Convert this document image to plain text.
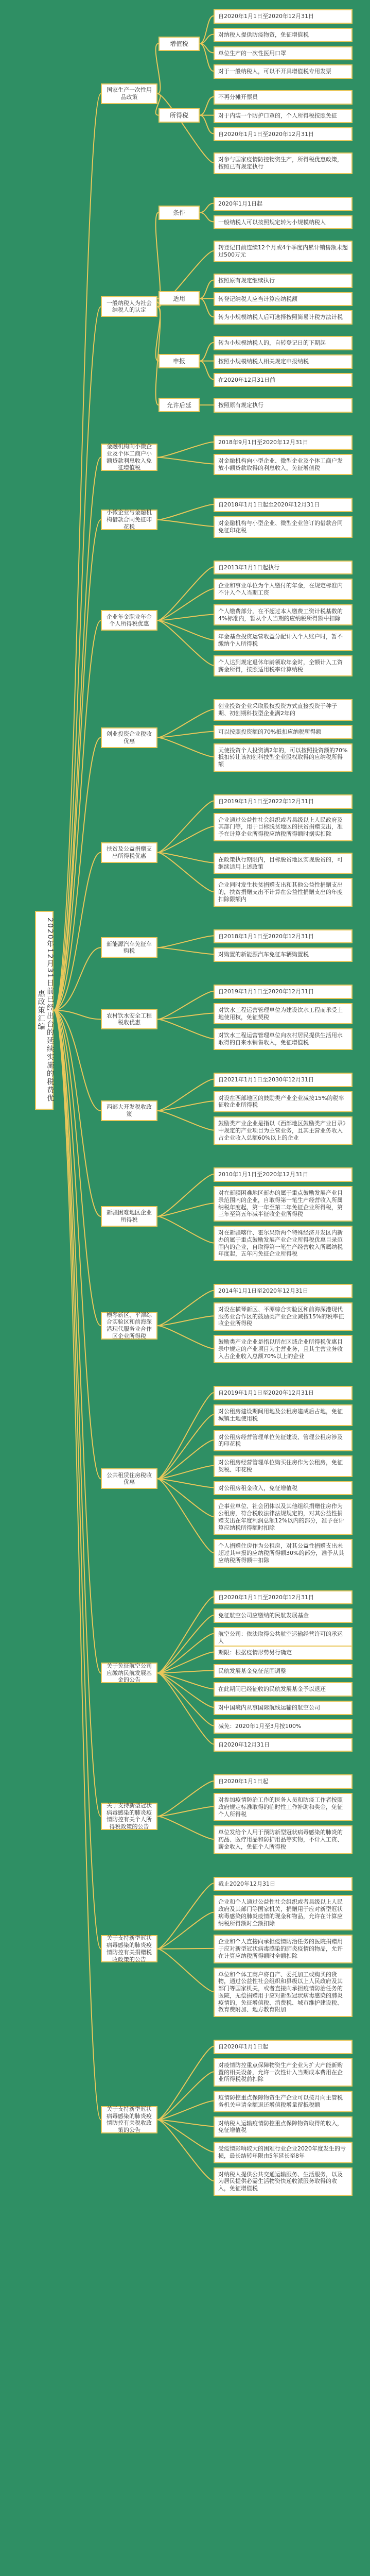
2020年12月31日前已经出台的延续实施的税费优惠政策汇编
自2020年1月1日至2020年12月31日
对纳税人提供防疫物资，免征增值税
单位生产的一次性医用口罩
对于一般纳税人，可以不开具增值税专用发票
增值税
不再分摊开票员
对于内装一个防护口罩的，个人所得税按照免征
自2020年1月1日至2020年12月31日
所得税
对参与国家疫情防控物资生产，所得税优惠政策，按照已有规定执行
国家生产一次性用品政策
2020年1月1日起
一般纳税人可以按照规定转为小规模纳税人
条件
转登记日前连续12个月或4个季度内累计销售额未超过500万元
按照原有规定继续执行
转登记纳税人应当计算应纳税额
转为小规模纳税人后可选择按照简易计税方法计税
适用
转为小规模纳税人的，自转登记日的下期起
按照小规模纳税人相关规定申报纳税
在2020年12月31日前
申报
按照原有规定执行
允许后延
一般纳税人为社会纳税人的认定
2018年9月1日至2020年12月31日
对金融机构向小型企业、微型企业及个体工商户发放小额贷款取得的利息收入，免征增值税
金融机构向小微企业及个体工商户小额贷款利息收入免征增值税
自2018年1月1日起至2020年12月31日
对金融机构与小型企业、微型企业签订的借款合同免征印花税
小微企业与金融机构借款合同免征印花税
自2013年1月1日起执行
企业和事业单位为个人缴付的年金，在规定标准内不计入个人当期工资
个人缴费部分，在不超过本人缴费工资计税基数的4%标准内，暂从个人当期的应纳税所得额中扣除
年金基金投资运营收益分配计入个人账户时，暂不缴纳个人所得税
个人达到规定退休年龄领取年金时，全额计入工资薪金所得，按照适用税率计算纳税
企业年金职业年金个人所得税优惠
创业投资企业采取股权投资方式直接投资于种子期、初创期科技型企业满2年的
可以按照投资额的70%抵扣应纳税所得额
天使投资个人投资满2年的，可以按照投资额的70%抵扣转让该初创科技型企业股权取得的应纳税所得额
创业投资企业税收优惠
自2019年1月1日至2022年12月31日
企业通过公益性社会组织或者县级以上人民政府及其部门等，用于目标脱贫地区的扶贫捐赠支出，准予在计算企业所得税应纳税所得额时据实扣除
在政策执行期限内，目标脱贫地区实现脱贫的，可继续适用上述政策
企业同时发生扶贫捐赠支出和其他公益性捐赠支出的，扶贫捐赠支出不计算在公益性捐赠支出的年度扣除限额内
扶贫及公益捐赠支出所得税优惠
自2018年1月1日至2020年12月31日
对购置的新能源汽车免征车辆购置税
新能源汽车免征车购税
自2019年1月1日至2020年12月31日
对饮水工程运营管理单位为建设饮水工程而承受土地使用权，免征契税
对饮水工程运营管理单位向农村居民提供生活用水取得的自来水销售收入，免征增值税
农村饮水安全工程税收优惠
自2021年1月1日至2030年12月31日
对设在西部地区的鼓励类产业企业减按15%的税率征收企业所得税
鼓励类产业企业是指以《西部地区鼓励类产业目录》中规定的产业项目为主营业务，且其主营业务收入占企业收入总额60%以上的企业
西部大开发税收政策
2010年1月1日至2020年12月31日
对在新疆困难地区新办的属于重点鼓励发展产业目录范围内的企业，自取得第一笔生产经营收入所属纳税年度起，第一年至第二年免征企业所得税，第三年至第五年减半征收企业所得税
对在新疆喀什、霍尔果斯两个特殊经济开发区内新办的属于重点鼓励发展产业企业所得税优惠目录范围内的企业，自取得第一笔生产经营收入所属纳税年度起，五年内免征企业所得税
新疆困难地区企业所得税
2014年1月1日至2020年12月31日
对设在横琴新区、平潭综合实验区和前海深港现代服务业合作区的鼓励类产业企业减按15%的税率征收企业所得税
鼓励类产业企业是指以所在区域企业所得税优惠目录中规定的产业项目为主营业务，且其主营业务收入占企业收入总额70%以上的企业
横琴新区、平潭综合实验区和前海深港现代服务业合作区企业所得税
自2019年1月1日至2020年12月31日
对公租房建设期间用地及公租房建成后占地，免征城镇土地使用税
对公租房经营管理单位免征建设、管理公租房涉及的印花税
对公租房经营管理单位购买住房作为公租房，免征契税、印花税
对公租房租金收入，免征增值税
企事业单位、社会团体以及其他组织捐赠住房作为公租房，符合税收法律法规规定的，对其公益性捐赠支出在年度利润总额12%以内的部分，准予在计算应纳税所得额时扣除
个人捐赠住房作为公租房，对其公益性捐赠支出未超过其申报的应纳税所得额30%的部分，准予从其应纳税所得额中扣除
公共租赁住房税收优惠
自2020年1月1日至2020年12月31日
免征航空公司应缴纳的民航发展基金
航空公司：依法取得公共航空运输经营许可的承运人
期限：根据疫情形势另行确定
民航发展基金免征范围调整
在此期间已经征收的民航发展基金予以退还
对中国境内从事国际航线运输的航空公司
减免：2020年1月至3月按100%
自2020年12月31日
关于免征航空公司应缴纳民航发展基金的公告
自2020年1月1日起
对参加疫情防治工作的医务人员和防疫工作者按照政府规定标准取得的临时性工作补助和奖金，免征个人所得税
单位发给个人用于预防新型冠状病毒感染的肺炎的药品、医疗用品和防护用品等实物，不计入工资、薪金收入，免征个人所得税
关于支持新型冠状病毒感染的肺炎疫情防控有关个人所得税政策的公告
截止2020年12月31日
企业和个人通过公益性社会组织或者县级以上人民政府及其部门等国家机关，捐赠用于应对新型冠状病毒感染的肺炎疫情的现金和物品，允许在计算应纳税所得额时全额扣除
企业和个人直接向承担疫情防治任务的医院捐赠用于应对新型冠状病毒感染的肺炎疫情的物品，允许在计算应纳税所得额时全额扣除
单位和个体工商户将自产、委托加工或购买的货物，通过公益性社会组织和县级以上人民政府及其部门等国家机关，或者直接向承担疫情防治任务的医院，无偿捐赠用于应对新型冠状病毒感染的肺炎疫情的，免征增值税、消费税、城市维护建设税、教育费附加、地方教育附加
关于支持新型冠状病毒感染的肺炎疫情防控有关捐赠税收政策的公告
自2020年1月1日起
对疫情防控重点保障物资生产企业为扩大产能新购置的相关设备，允许一次性计入当期成本费用在企业所得税税前扣除
疫情防控重点保障物资生产企业可以按月向主管税务机关申请全额退还增值税增量留抵税额
对纳税人运输疫情防控重点保障物资取得的收入，免征增值税
受疫情影响较大的困难行业企业2020年度发生的亏损，最长结转年限由5年延长至8年
对纳税人提供公共交通运输服务、生活服务，以及为居民提供必需生活物资快递收派服务取得的收入，免征增值税
关于支持新型冠状病毒感染的肺炎疫情防控有关税收政策的公告
